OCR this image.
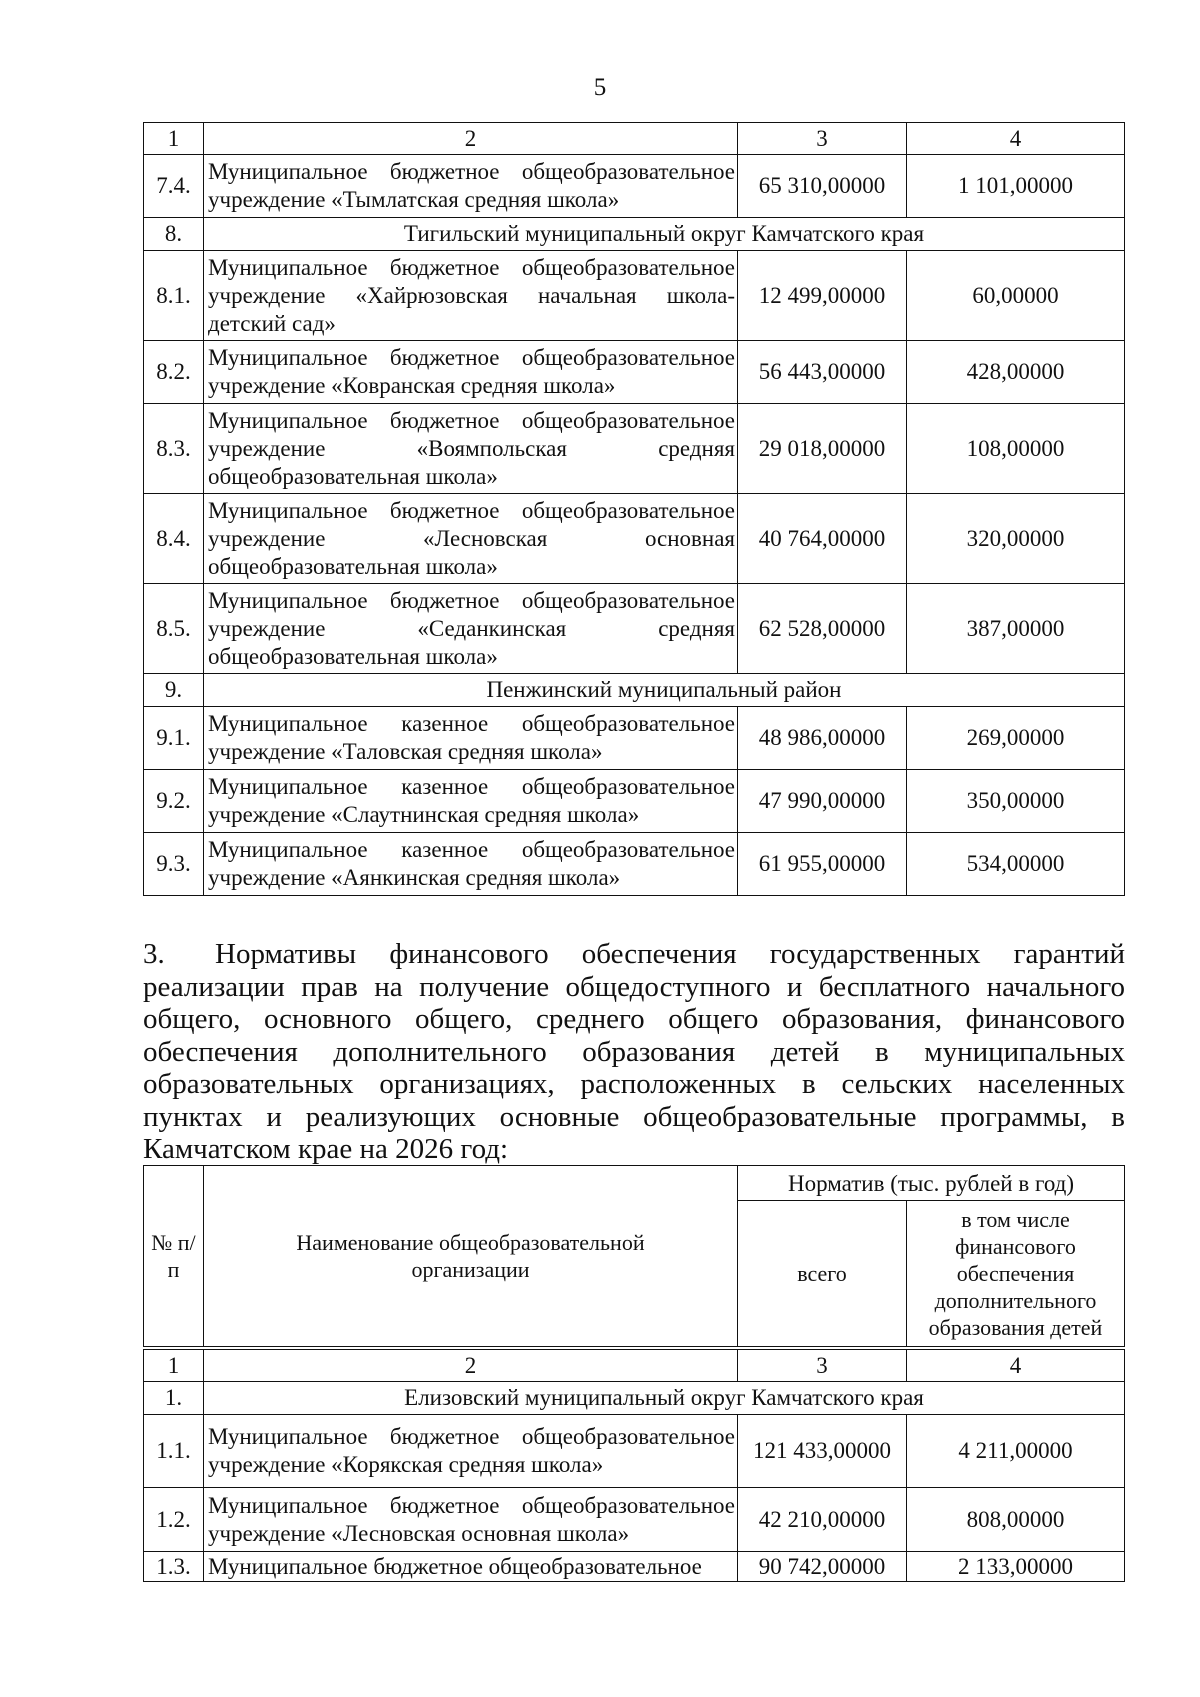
5
1	2	3	4
7.4.	Муниципальное бюджетное общеобразовательное учреждение «Тымлатская средняя школа»	65 310,00000	1 101,00000
8.	Тигильский муниципальный округ Камчатского края		
8.1.	Муниципальное бюджетное общеобразовательное учреждение «Хайрюзовская начальная школа-детский сад»	12 499,00000	60,00000
8.2.	Муниципальное бюджетное общеобразовательное учреждение «Ковранская средняя школа»	56 443,00000	428,00000
8.3.	Муниципальное бюджетное общеобразовательное учреждение «Воямпольская средняя общеобразовательная школа»	29 018,00000	108,00000
8.4.	Муниципальное бюджетное общеобразовательное учреждение «Лесновская основная общеобразовательная школа»	40 764,00000	320,00000
8.5.	Муниципальное бюджетное общеобразовательное учреждение «Седанкинская средняя общеобразовательная школа»	62 528,00000	387,00000
9.	Пенжинский муниципальный район		
9.1.	Муниципальное казенное общеобразовательное учреждение «Таловская средняя школа»	48 986,00000	269,00000
9.2.	Муниципальное казенное общеобразовательное учреждение «Слаутнинская средняя школа»	47 990,00000	350,00000
9.3.	Муниципальное казенное общеобразовательное учреждение «Аянкинская средняя школа»	61 955,00000	534,00000
3. Нормативы финансового обеспечения государственных гарантий реализации прав на получение общедоступного и бесплатного начального общего, основного общего, среднего общего образования, финансового обеспечения дополнительного образования детей в муниципальных образовательных организациях, расположенных в сельских населенных пунктах и реализующих основные общеобразовательные программы, в Камчатском крае на 2026 год:
№ п/п	Наименование общеобразовательной организации	Норматив (тыс. рублей в год)	
		всего	в том числе финансового обеспечения дополнительного образования детей
1	2	3	4
1.	Елизовский муниципальный округ Камчатского края		
1.1.	Муниципальное бюджетное общеобразовательное учреждение «Корякская средняя школа»	121 433,00000	4 211,00000
1.2.	Муниципальное бюджетное общеобразовательное учреждение «Лесновская основная школа»	42 210,00000	808,00000
1.3.	Муниципальное бюджетное общеобразовательное	90 742,00000	2 133,00000
